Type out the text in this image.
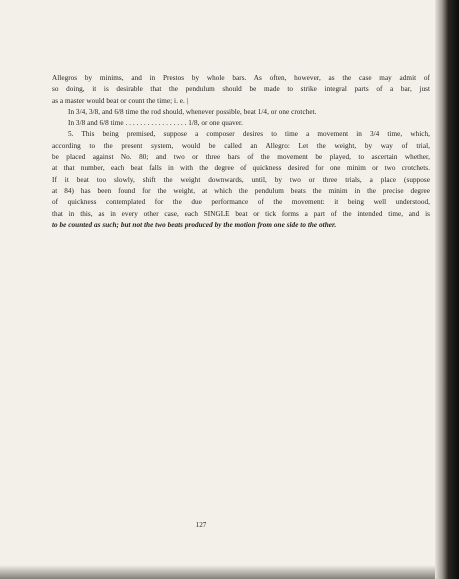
Allegros by minims, and in Prestos by whole bars. As often, however, as the case may admit of
so doing, it is desirable that the pendulum should be made to strike integral parts of a bar, just
as a master would beat or count the time; i. e. |
In 3/4, 3/8, and 6/8 time the rod should, whenever possible, beat 1/4, or one crotchet.
In 3/8 and 6/8 time . . . . . . . . . . . . . . . . . 1/8, or one quaver.
5. This being premised, suppose a composer desires to time a movement in 3/4 time, which,
according to the present system, would be called an Allegro: Let the weight, by way of trial,
be placed against No. 80; and two or three bars of the movement be played, to ascertain whether,
at that number, each beat falls in with the degree of quickness desired for one minim or two crotchets.
If it beat too slowly, shift the weight downwards, until, by two or three trials, a place (suppose
at 84) has been found for the weight, at which the pendulum beats the minim in the precise degree
of quickness contemplated for the due performance of the movement: it being well understood,
that in this, as in every other case, each SINGLE beat or tick forms a part of the intended time, and is
to be counted as such; but not the two beats produced by the motion from one side to the other.
127
